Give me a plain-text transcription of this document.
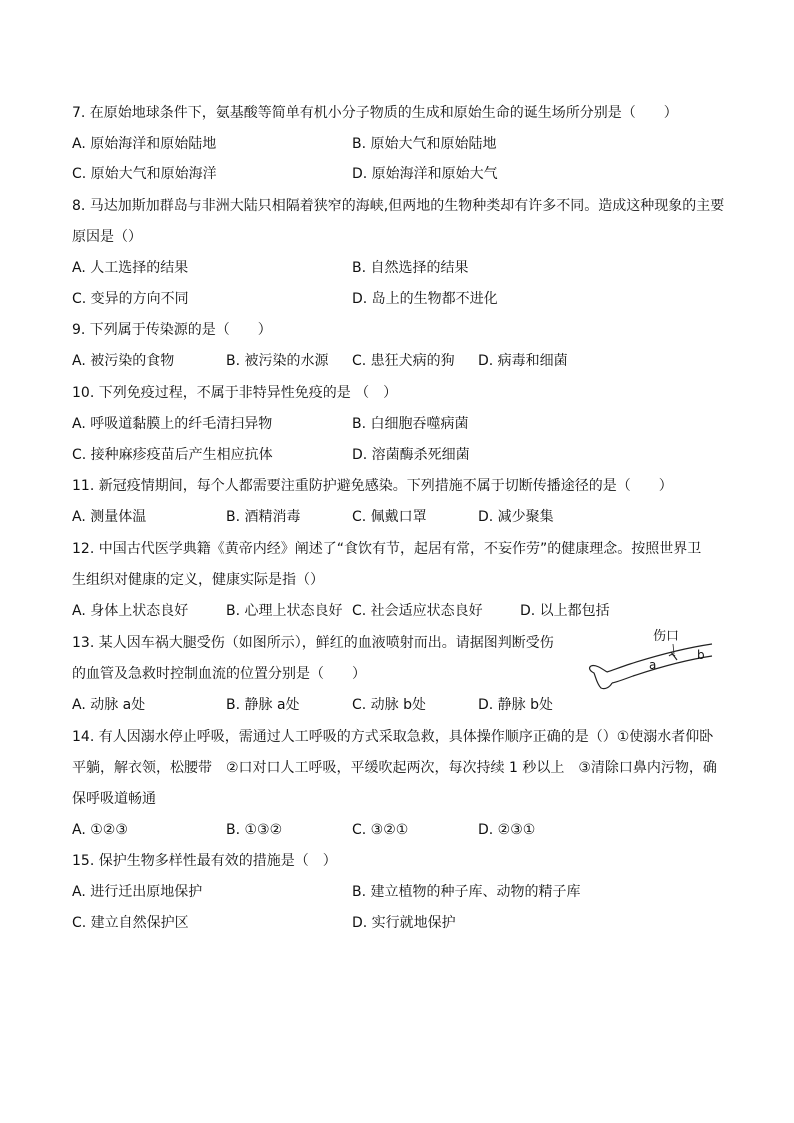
7. 在原始地球条件下，氨基酸等简单有机小分子物质的生成和原始生命的诞生场所分别是（　　）
A. 原始海洋和原始陆地	B. 原始大气和原始陆地
C. 原始大气和原始海洋	D. 原始海洋和原始大气
8. 马达加斯加群岛与非洲大陆只相隔着狭窄的海峡,但两地的生物种类却有许多不同。造成这种现象的主要
原因是（）
A. 人工选择的结果	B. 自然选择的结果
C. 变异的方向不同	D. 岛上的生物都不进化
9. 下列属于传染源的是（　　）
A. 被污染的食物	B. 被污染的水源 C. 患狂犬病的狗 D. 病毒和细菌
10. 下列免疫过程，不属于非特异性免疫的是 （　）
A. 呼吸道黏膜上的纤毛清扫异物	B. 白细胞吞噬病菌
C. 接种麻疹疫苗后产生相应抗体	D. 溶菌酶杀死细菌
11. 新冠疫情期间，每个人都需要注重防护避免感染。下列措施不属于切断传播途径的是（　　）
A. 测量体温	B. 酒精消毒	C. 佩戴口罩	D. 减少聚集
12. 中国古代医学典籍《黄帝内经》阐述了“食饮有节，起居有常，不妄作劳”的健康理念。按照世界卫
生组织对健康的定义，健康实际是指（）
A. 身体上状态良好	B. 心理上状态良好 C. 社会适应状态良好	D. 以上都包括
13. 某人因车祸大腿受伤（如图所示），鲜红的血液喷射而出。请据图判断受伤
的血管及急救时控制血流的位置分别是（　　）
伤口
a
b
A. 动脉 a处	B. 静脉 a处	C. 动脉 b处	D. 静脉 b处
14. 有人因溺水停止呼吸，需通过人工呼吸的方式采取急救，具体操作顺序正确的是（）①使溺水者仰卧
平躺，解衣领，松腰带　②口对口人工呼吸，平缓吹起两次，每次持续 1 秒以上　③清除口鼻内污物，确
保呼吸道畅通
A. ①②③	B. ①③②	C. ③②①	D. ②③①
15. 保护生物多样性最有效的措施是（　）
A. 进行迁出原地保护	B. 建立植物的种子库、动物的精子库
C. 建立自然保护区	D. 实行就地保护
